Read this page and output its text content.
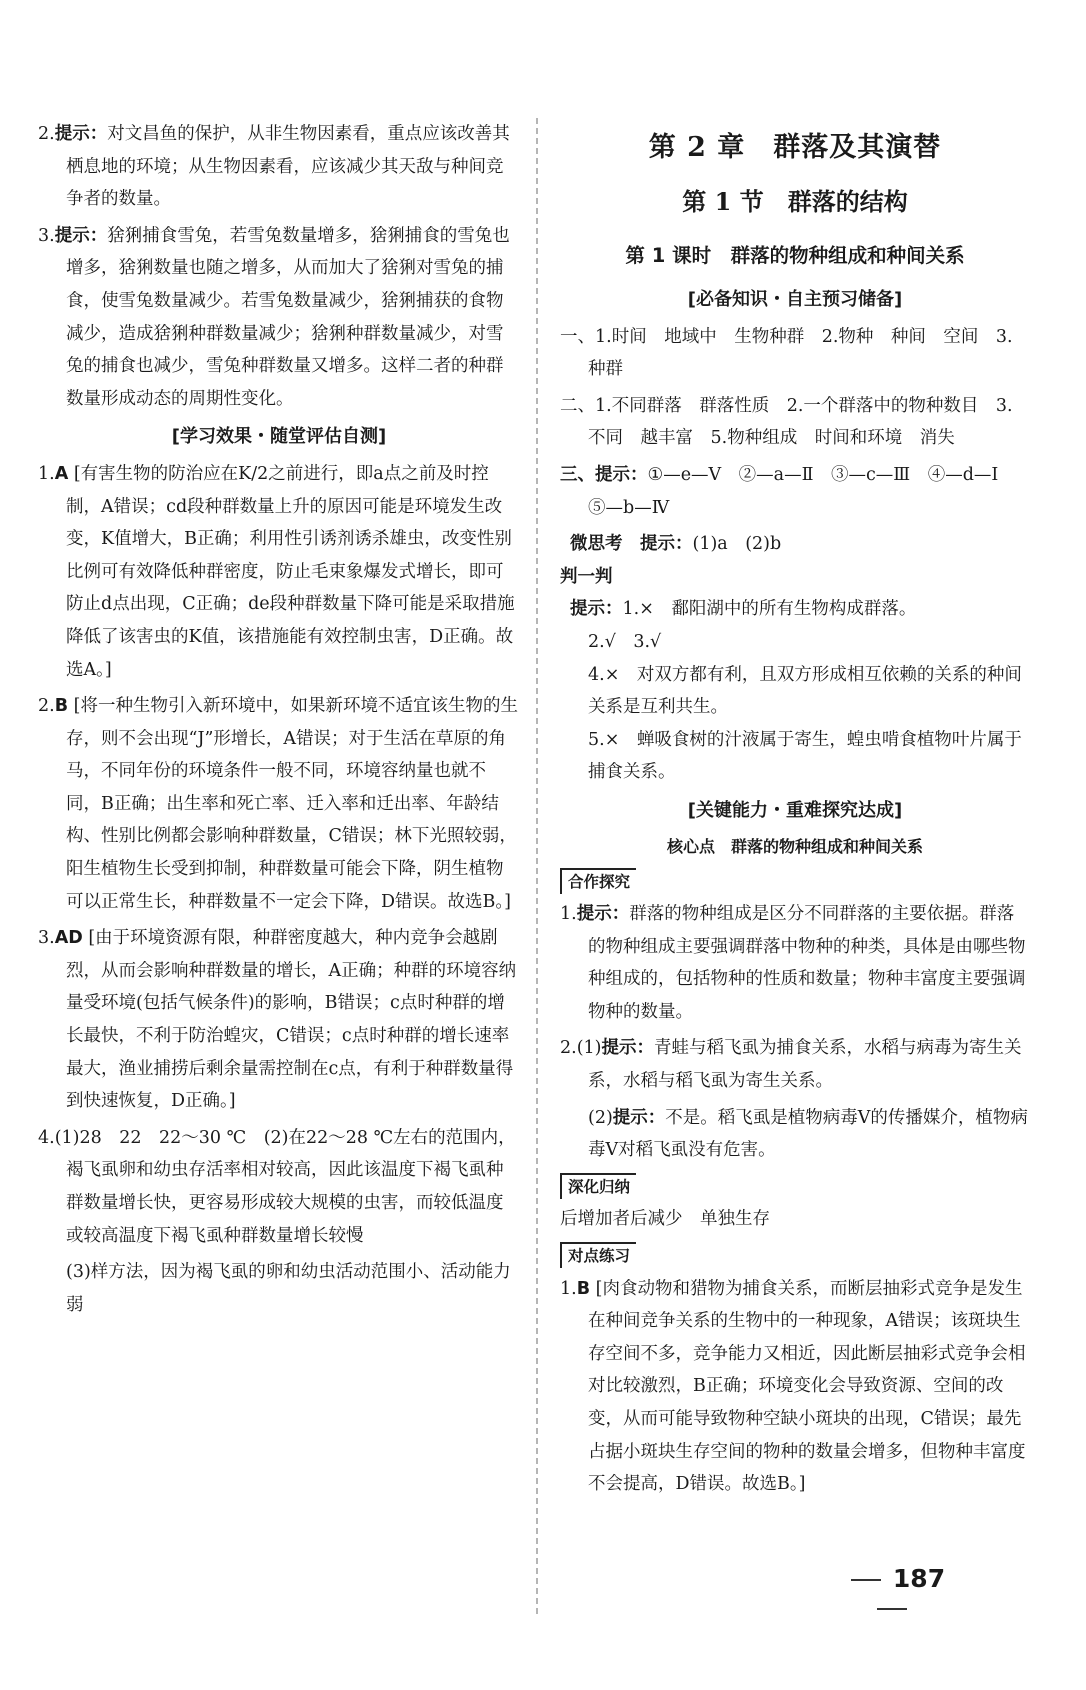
2.提示：对文昌鱼的保护，从非生物因素看，重点应该改善其栖息地的环境；从生物因素看，应该减少其天敌与种间竞争者的数量。

3.提示：猞猁捕食雪兔，若雪兔数量增多，猞猁捕食的雪兔也增多，猞猁数量也随之增多，从而加大了猞猁对雪兔的捕食，使雪兔数量减少。若雪兔数量减少，猞猁捕获的食物减少，造成猞猁种群数量减少；猞猁种群数量减少，对雪兔的捕食也减少，雪兔种群数量又增多。这样二者的种群数量形成动态的周期性变化。

[学习效果・随堂评估自测]

1.A [有害生物的防治应在K/2之前进行，即a点之前及时控制，A错误；cd段种群数量上升的原因可能是环境发生改变，K值增大，B正确；利用性引诱剂诱杀雄虫，改变性别比例可有效降低种群密度，防止毛束象爆发式增长，即可防止d点出现，C正确；de段种群数量下降可能是采取措施降低了该害虫的K值，该措施能有效控制虫害，D正确。故选A。]

2.B [将一种生物引入新环境中，如果新环境不适宜该生物的生存，则不会出现“J”形增长，A错误；对于生活在草原的角马，不同年份的环境条件一般不同，环境容纳量也就不同，B正确；出生率和死亡率、迁入率和迁出率、年龄结构、性别比例都会影响种群数量，C错误；林下光照较弱，阳生植物生长受到抑制，种群数量可能会下降，阴生植物可以正常生长，种群数量不一定会下降，D错误。故选B。]

3.AD [由于环境资源有限，种群密度越大，种内竞争会越剧烈，从而会影响种群数量的增长，A正确；种群的环境容纳量受环境(包括气候条件)的影响，B错误；c点时种群的增长最快，不利于防治蝗灾，C错误；c点时种群的增长速率最大，渔业捕捞后剩余量需控制在c点，有利于种群数量得到快速恢复，D正确。]

4.(1)28　22　22～30 ℃　(2)在22～28 ℃左右的范围内，褐飞虱卵和幼虫存活率相对较高，因此该温度下褐飞虱种群数量增长快，更容易形成较大规模的虫害，而较低温度或较高温度下褐飞虱种群数量增长较慢

(3)样方法，因为褐飞虱的卵和幼虫活动范围小、活动能力弱

第 2 章　群落及其演替

第 1 节　群落的结构

第 1 课时　群落的物种组成和种间关系

[必备知识・自主预习储备]

一、1.时间　地域中　生物种群　2.物种　种间　空间　3.种群

二、1.不同群落　群落性质　2.一个群落中的物种数目　3.不同　越丰富　5.物种组成　时间和环境　消失

三、提示：①—e—Ⅴ　②—a—Ⅱ　③—c—Ⅲ　④—d—Ⅰ　⑤—b—Ⅳ

微思考　提示：(1)a　(2)b

判一判

提示：1.×　鄱阳湖中的所有生物构成群落。

2.√　3.√

4.×　对双方都有利，且双方形成相互依赖的关系的种间关系是互利共生。

5.×　蝉吸食树的汁液属于寄生，蝗虫啃食植物叶片属于捕食关系。

[关键能力・重难探究达成]

核心点　群落的物种组成和种间关系

合作探究

1.提示：群落的物种组成是区分不同群落的主要依据。群落的物种组成主要强调群落中物种的种类，具体是由哪些物种组成的，包括物种的性质和数量；物种丰富度主要强调物种的数量。

2.(1)提示：青蛙与稻飞虱为捕食关系，水稻与病毒为寄生关系，水稻与稻飞虱为寄生关系。

(2)提示：不是。稻飞虱是植物病毒Ⅴ的传播媒介，植物病毒Ⅴ对稻飞虱没有危害。

深化归纳

后增加者后减少　单独生存

对点练习

1.B [肉食动物和猎物为捕食关系，而断层抽彩式竞争是发生在种间竞争关系的生物中的一种现象，A错误；该斑块生存空间不多，竞争能力又相近，因此断层抽彩式竞争会相对比较激烈，B正确；环境变化会导致资源、空间的改变，从而可能导致物种空缺小斑块的出现，C错误；最先占据小斑块生存空间的物种的数量会增多，但物种丰富度不会提高，D错误。故选B。]

187
